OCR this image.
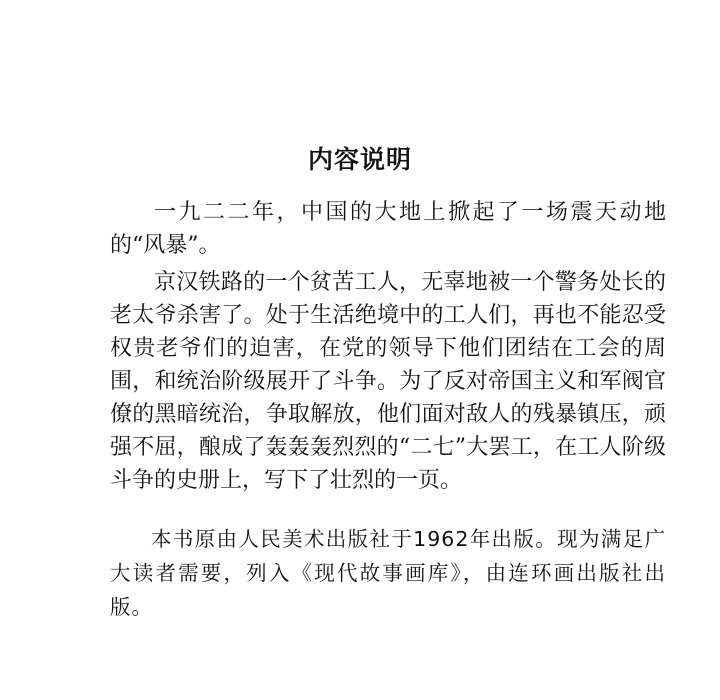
内容说明

一九二二年，中国的大地上掀起了一场震天动地的“风暴”。

京汉铁路的一个贫苦工人，无辜地被一个警务处长的老太爷杀害了。处于生活绝境中的工人们，再也不能忍受权贵老爷们的迫害，在党的领导下他们团结在工会的周围，和统治阶级展开了斗争。为了反对帝国主义和军阀官僚的黑暗统治，争取解放，他们面对敌人的残暴镇压，顽强不屈，酿成了轰轰轰烈烈的“二七”大罢工，在工人阶级斗争的史册上，写下了壮烈的一页。

本书原由人民美术出版社于1962年出版。现为满足广大读者需要，列入《现代故事画库》，由连环画出版社出版。
